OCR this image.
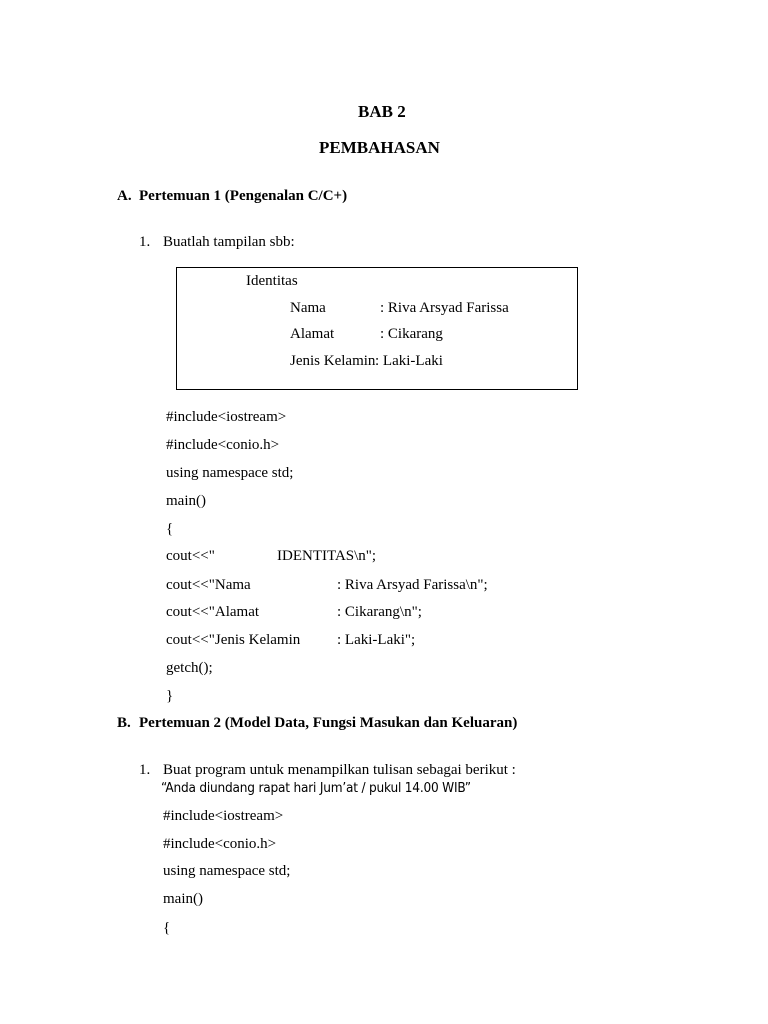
BAB 2
PEMBAHASAN
A. Pertemuan 1 (Pengenalan C/C+)
1. Buatlah tampilan sbb:
Identitas
Nama	: Riva Arsyad Farissa
Alamat	: Cikarang
Jenis Kelamin : Laki-Laki
#include<iostream>
#include<conio.h>
using namespace std;
main()
{
cout<<"	IDENTITAS\n";
cout<<"Nama	: Riva Arsyad Farissa\n";
cout<<"Alamat	: Cikarang\n";
cout<<"Jenis Kelamin : Laki-Laki";
getch();
}
B. Pertemuan 2 (Model Data, Fungsi Masukan dan Keluaran)
1. Buat program untuk menampilkan tulisan sebagai berikut :
“Anda diundang rapat hari Jum’at / pukul 14.00 WIB”
#include<iostream>
#include<conio.h>
using namespace std;
main()
{
